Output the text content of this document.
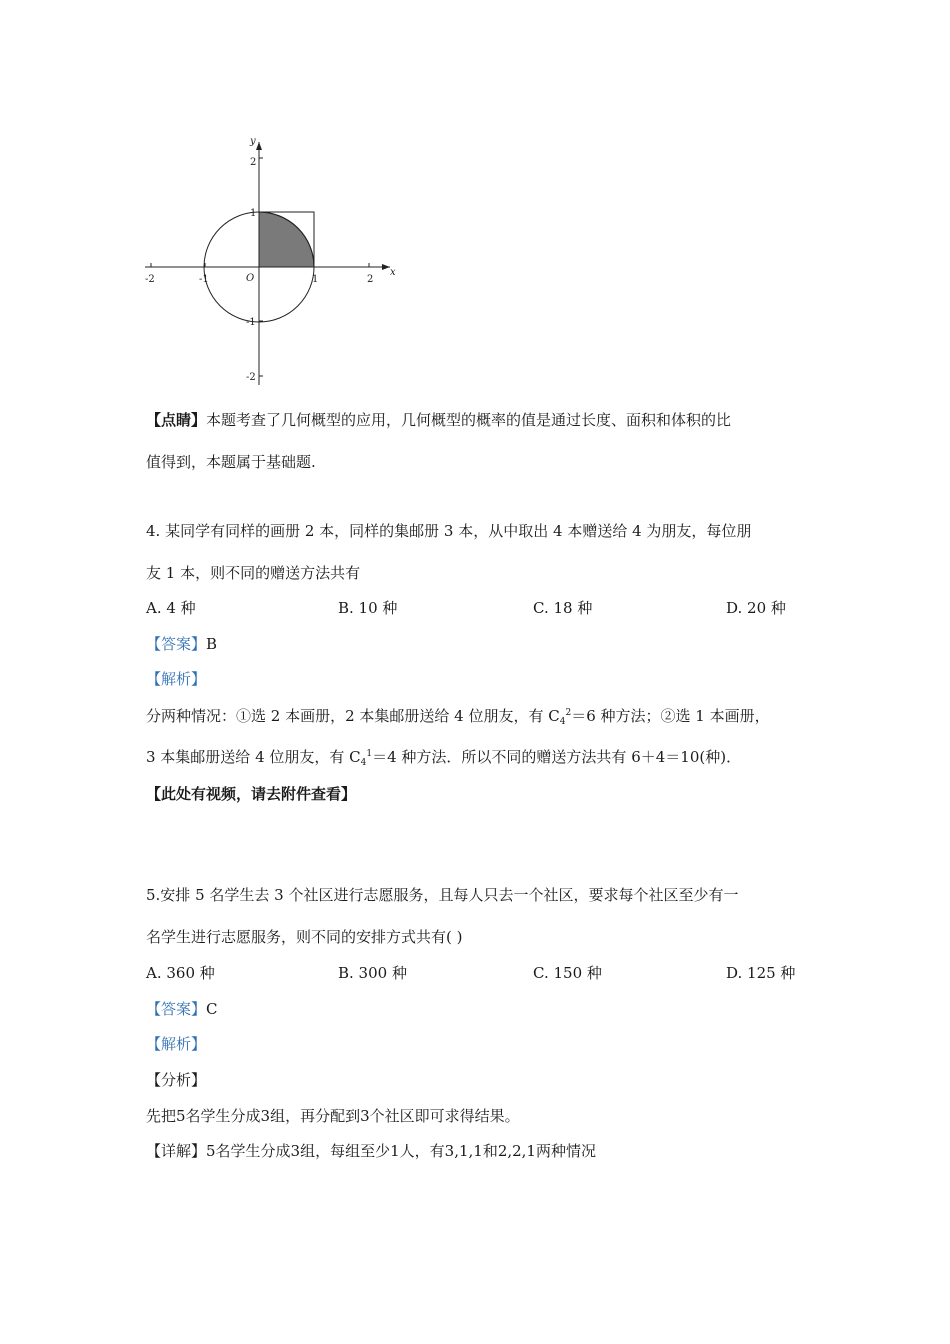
-2	-1	1	2
2
1
-1
-2
O
x
y
【点睛】本题考查了几何概型的应用，几何概型的概率的值是通过长度、面积和体积的比
值得到，本题属于基础题.
4. 某同学有同样的画册 2 本，同样的集邮册 3 本，从中取出 4 本赠送给 4 为朋友，每位朋
友 1 本，则不同的赠送方法共有
A. 4 种	B. 10 种	C. 18 种	D. 20 种
【答案】B
【解析】
分两种情况：①选 2 本画册，2 本集邮册送给 4 位朋友，有 $C_4^2=6$ 种方法；②选 1 本画册，
3 本集邮册送给 4 位朋友，有 $C_4^1=4$ 种方法．所以不同的赠送方法共有 6＋4＝10(种)．
【此处有视频，请去附件查看】
5.安排 5 名学生去 3 个社区进行志愿服务，且每人只去一个社区，要求每个社区至少有一
名学生进行志愿服务，则不同的安排方式共有( )
A. 360 种	B. 300 种	C. 150 种	D. 125 种
【答案】C
【解析】
【分析】
先把5名学生分成3组，再分配到3个社区即可求得结果。
【详解】5名学生分成3组，每组至少1人，有3,1,1和2,2,1两种情况
